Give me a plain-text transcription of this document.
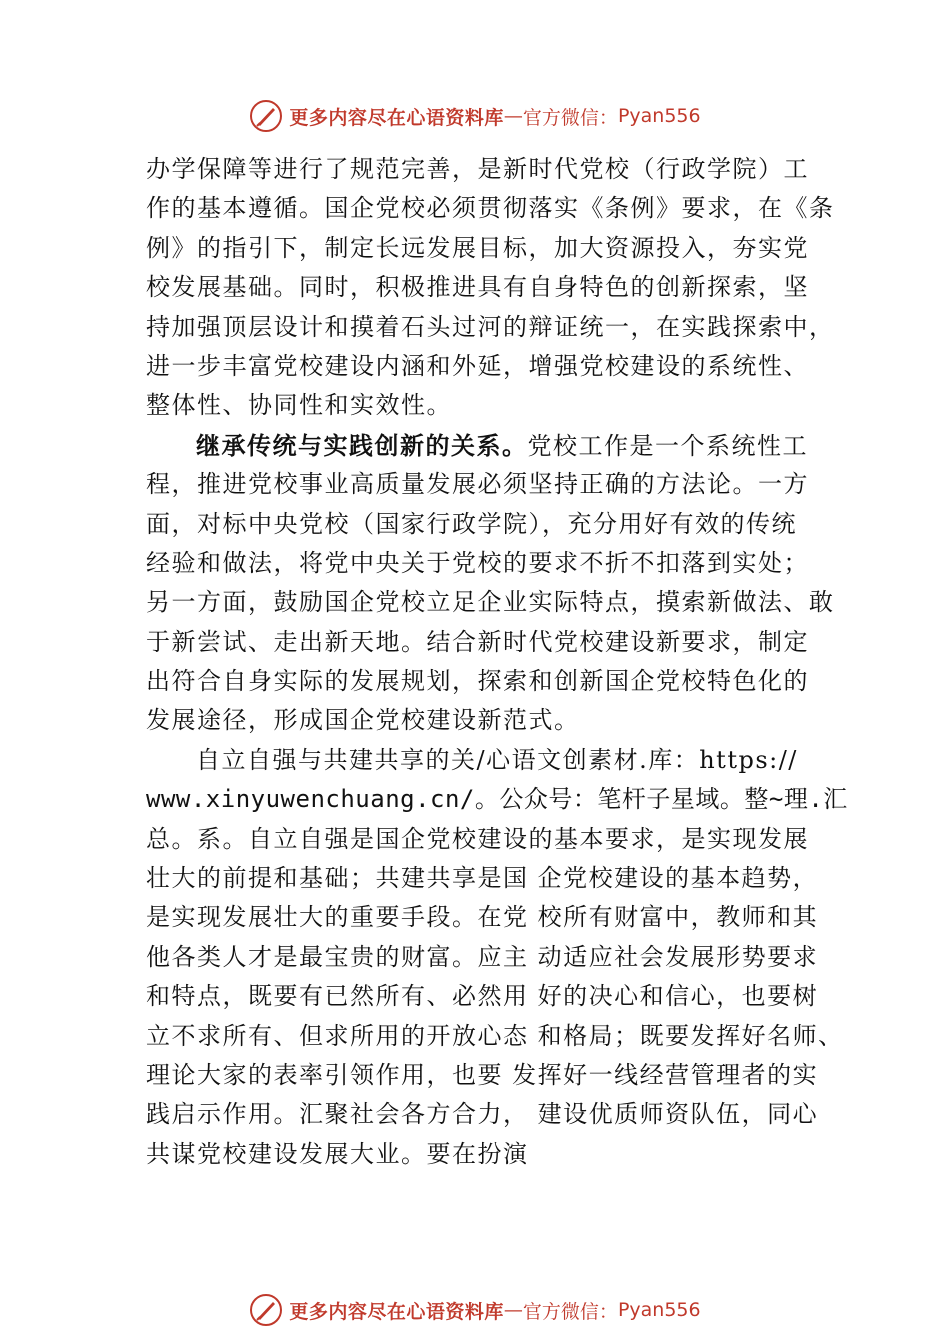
更多内容尽在心语资料库 — 官方微信： Pyan556
办学保障等进行了规范完善，是新时代党校（行政学院）工
作的基本遵循。国企党校必须贯彻落实《条例》要求，在《条
例》的指引下，制定长远发展目标，加大资源投入，夯实党
校发展基础。同时，积极推进具有自身特色的创新探索，坚
持加强顶层设计和摸着石头过河的辩证统一，在实践探索中，
进一步丰富党校建设内涵和外延，增强党校建设的系统性、
整体性、协同性和实效性。
继承传统与实践创新的关系。党校工作是一个系统性工
程，推进党校事业高质量发展必须坚持正确的方法论。一方
面，对标中央党校（国家行政学院），充分用好有效的传统
经验和做法，将党中央关于党校的要求不折不扣落到实处；
另一方面，鼓励国企党校立足企业实际特点，摸索新做法、敢
于新尝试、走出新天地。结合新时代党校建设新要求，制定
出符合自身实际的发展规划，探索和创新国企党校特色化的
发展途径，形成国企党校建设新范式。
自立自强与共建共享的关/心语文创素材.库：https://
www.xinyuwenchuang.cn/。公众号：笔杆子星域。整~理.汇
总。系。自立自强是国企党校建设的基本要求，是实现发展
壮大的前提和基础；共建共享是国 企党校建设的基本趋势，
是实现发展壮大的重要手段。在党 校所有财富中，教师和其
他各类人才是最宝贵的财富。应主 动适应社会发展形势要求
和特点，既要有已然所有、必然用 好的决心和信心，也要树
立不求所有、但求所用的开放心态 和格局；既要发挥好名师、
理论大家的表率引领作用，也要 发挥好一线经营管理者的实
践启示作用。汇聚社会各方合力， 建设优质师资队伍，同心
共谋党校建设发展大业。要在扮演
更多内容尽在心语资料库 — 官方微信： Pyan556
